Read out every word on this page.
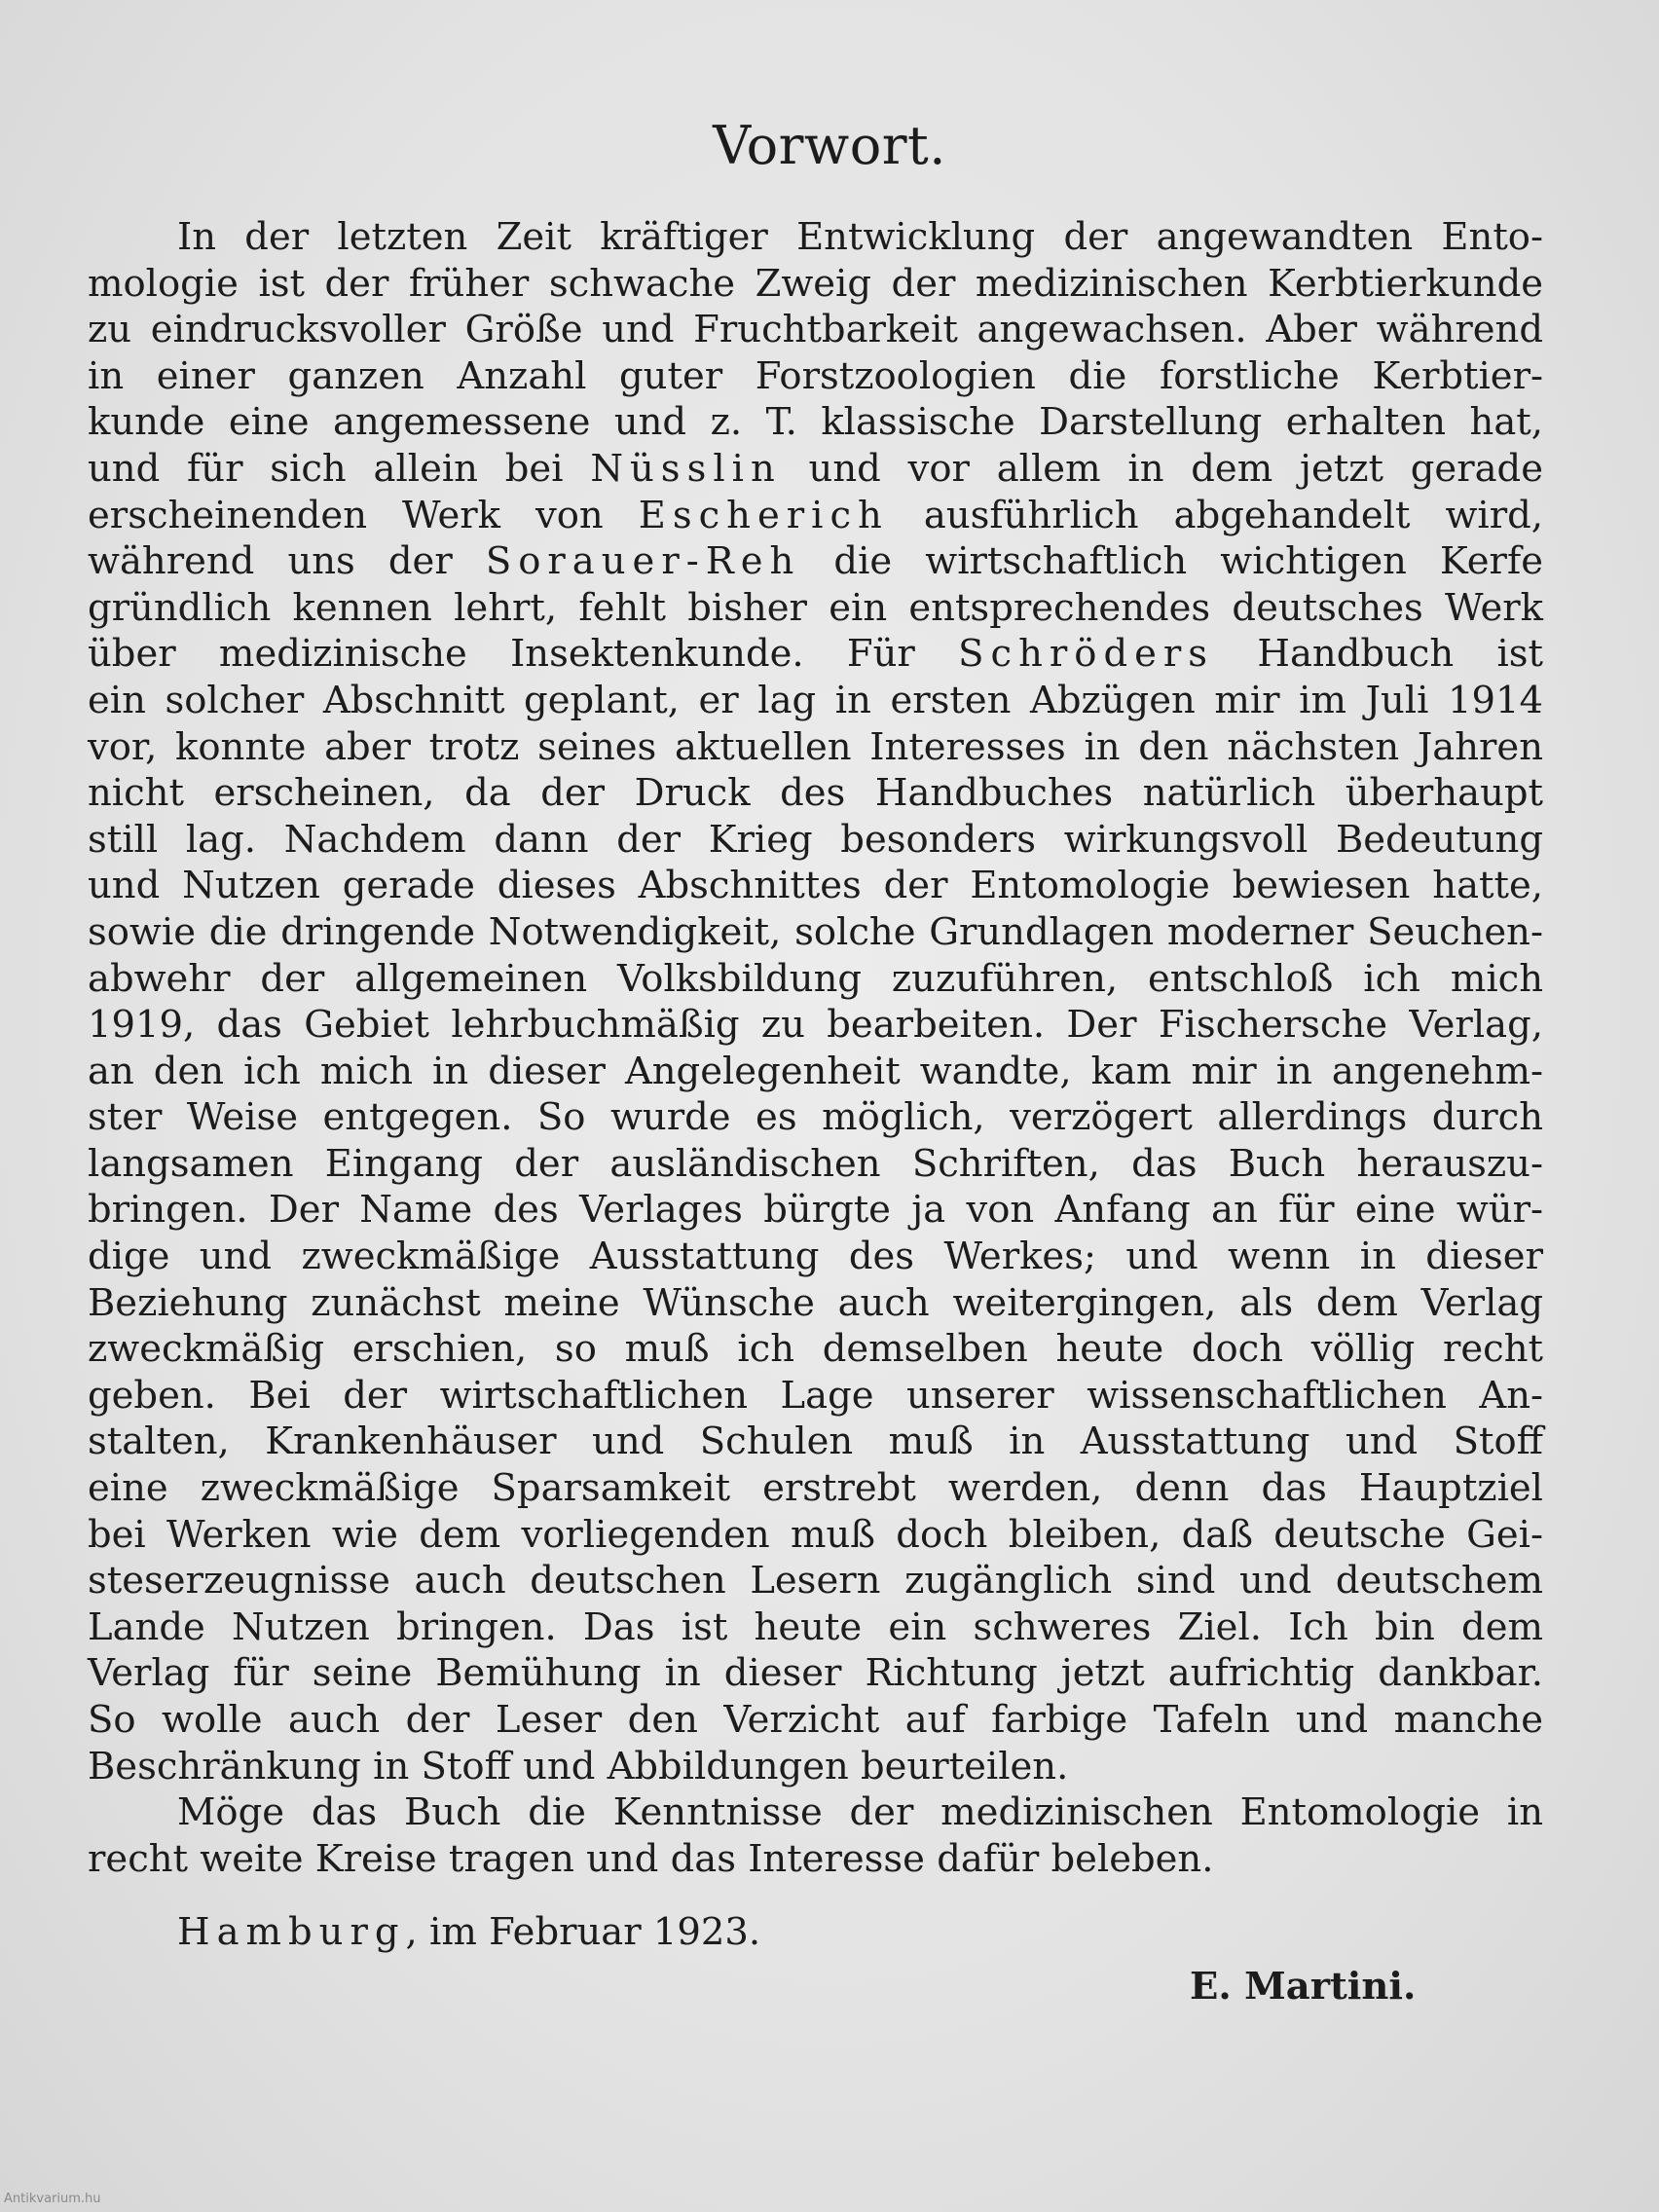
Vorwort.
In der letzten Zeit kräftiger Entwicklung der angewandten Ento-
mologie ist der früher schwache Zweig der medizinischen Kerbtierkunde
zu eindrucksvoller Größe und Fruchtbarkeit angewachsen. Aber während
in einer ganzen Anzahl guter Forstzoologien die forstliche Kerbtier-
kunde eine angemessene und z. T. klassische Darstellung erhalten hat,
und für sich allein bei Nüsslin und vor allem in dem jetzt gerade
erscheinenden Werk von Escherich ausführlich abgehandelt wird,
während uns der Sorauer-Reh die wirtschaftlich wichtigen Kerfe
gründlich kennen lehrt, fehlt bisher ein entsprechendes deutsches Werk
über medizinische Insektenkunde. Für Schröders Handbuch ist
ein solcher Abschnitt geplant, er lag in ersten Abzügen mir im Juli 1914
vor, konnte aber trotz seines aktuellen Interesses in den nächsten Jahren
nicht erscheinen, da der Druck des Handbuches natürlich überhaupt
still lag. Nachdem dann der Krieg besonders wirkungsvoll Bedeutung
und Nutzen gerade dieses Abschnittes der Entomologie bewiesen hatte,
sowie die dringende Notwendigkeit, solche Grundlagen moderner Seuchen-
abwehr der allgemeinen Volksbildung zuzuführen, entschloß ich mich
1919, das Gebiet lehrbuchmäßig zu bearbeiten. Der Fischersche Verlag,
an den ich mich in dieser Angelegenheit wandte, kam mir in angenehm-
ster Weise entgegen. So wurde es möglich, verzögert allerdings durch
langsamen Eingang der ausländischen Schriften, das Buch herauszu-
bringen. Der Name des Verlages bürgte ja von Anfang an für eine wür-
dige und zweckmäßige Ausstattung des Werkes; und wenn in dieser
Beziehung zunächst meine Wünsche auch weitergingen, als dem Verlag
zweckmäßig erschien, so muß ich demselben heute doch völlig recht
geben. Bei der wirtschaftlichen Lage unserer wissenschaftlichen An-
stalten, Krankenhäuser und Schulen muß in Ausstattung und Stoff
eine zweckmäßige Sparsamkeit erstrebt werden, denn das Hauptziel
bei Werken wie dem vorliegenden muß doch bleiben, daß deutsche Gei-
steserzeugnisse auch deutschen Lesern zugänglich sind und deutschem
Lande Nutzen bringen. Das ist heute ein schweres Ziel. Ich bin dem
Verlag für seine Bemühung in dieser Richtung jetzt aufrichtig dankbar.
So wolle auch der Leser den Verzicht auf farbige Tafeln und manche
Beschränkung in Stoff und Abbildungen beurteilen.
Möge das Buch die Kenntnisse der medizinischen Entomologie in
recht weite Kreise tragen und das Interesse dafür beleben.
Hamburg, im Februar 1923.
E. Martini.
Antikvarium.hu
